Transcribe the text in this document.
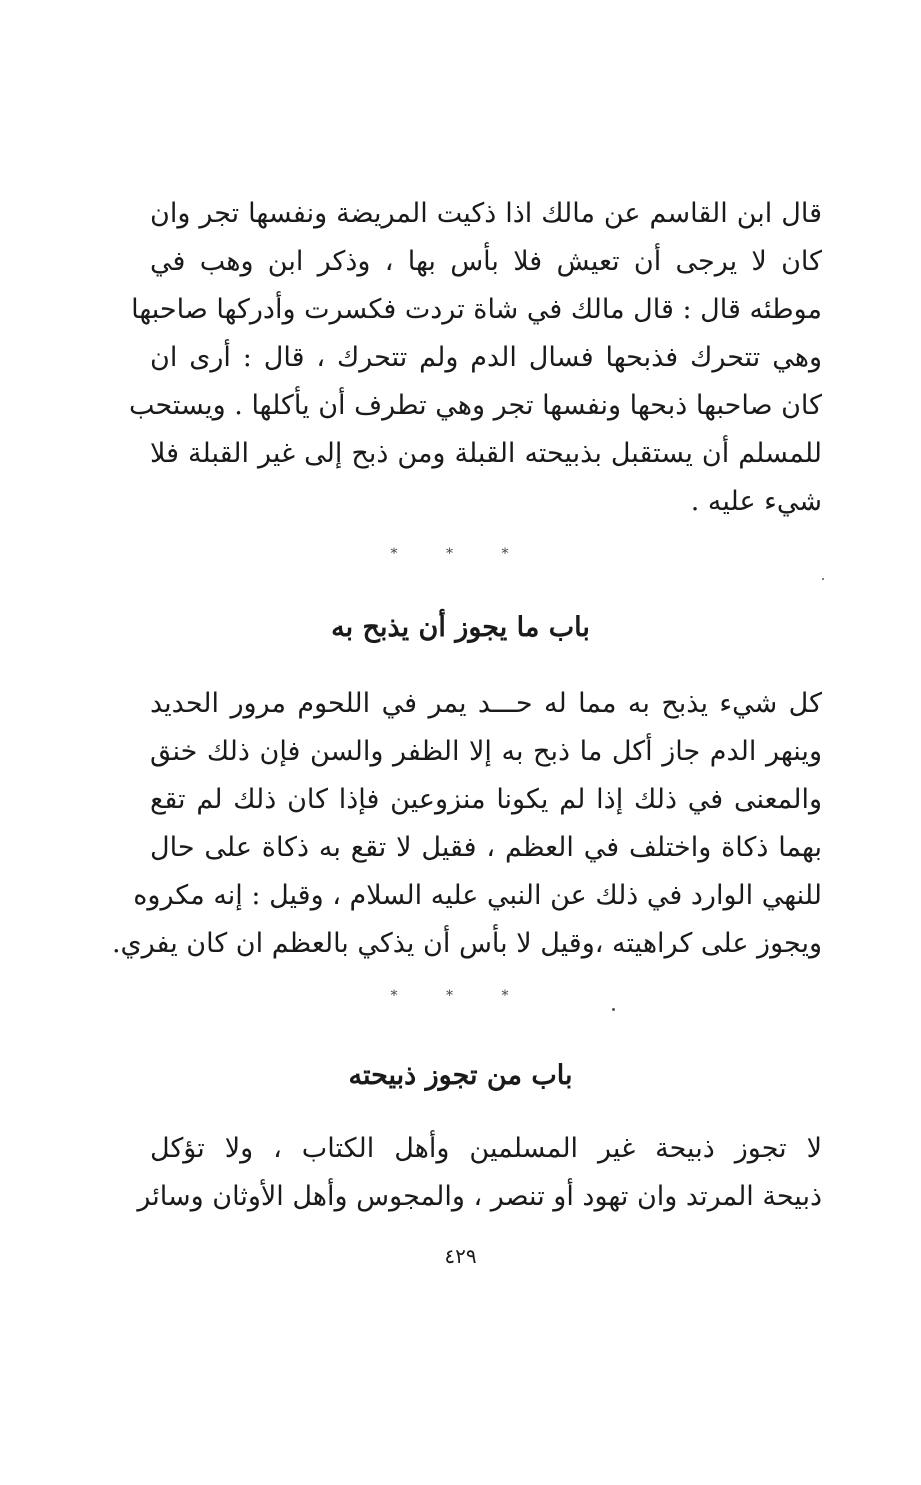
قال ابن القاسم عن مالك اذا ذكيت المريضة ونفسها تجر وان
كان لا يرجى أن تعيش فلا بأس بها ، وذكر ابن وهب في
موطئه قال : قال مالك في شاة تردت فكسرت وأدركها صاحبها
وهي تتحرك فذبحها فسال الدم ولم تتحرك ، قال : أرى ان
كان صاحبها ذبحها ونفسها تجر وهي تطرف أن يأكلها . ويستحب
للمسلم أن يستقبل بذبيحته القبلة ومن ذبح إلى غير القبلة فلا
شيء عليه .
* * *
باب ما يجوز أن يذبح به
كل شيء يذبح به مما له حـــد يمر في اللحوم مرور الحديد
وينهر الدم جاز أكل ما ذبح به إلا الظفر والسن فإن ذلك خنق
والمعنى في ذلك إذا لم يكونا منزوعين فإذا كان ذلك لم تقع
بهما ذكاة واختلف في العظم ، فقيل لا تقع به ذكاة على حال
للنهي الوارد في ذلك عن النبي عليه السلام ، وقيل : إنه مكروه
ويجوز على كراهيته ،وقيل لا بأس أن يذكي بالعظم ان كان يفري.
* * *
باب من تجوز ذبيحته
لا تجوز ذبيحة غير المسلمين وأهل الكتاب ، ولا تؤكل
ذبيحة المرتد وان تهود أو تنصر ، والمجوس وأهل الأوثان وسائر
٤٢٩
